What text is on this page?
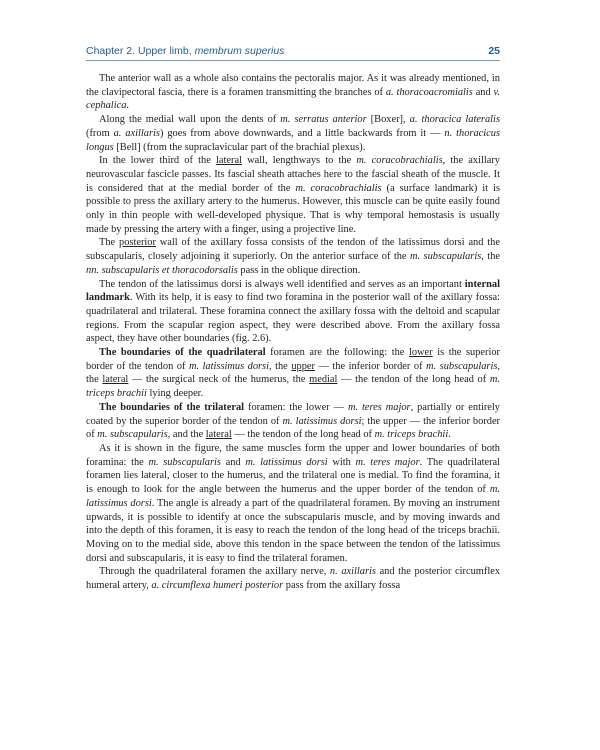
Chapter 2. Upper limb, membrum superius	25

The anterior wall as a whole also contains the pectoralis major. As it was already mentioned, in the clavipectoral fascia, there is a foramen transmitting the branches of a. thoracoacromialis and v. cephalica.

Along the medial wall upon the dents of m. serratus anterior [Boxer], a. thoracica lateralis (from a. axillaris) goes from above downwards, and a little backwards from it — n. thoracicus longus [Bell] (from the supraclavicular part of the brachial plexus).

In the lower third of the lateral wall, lengthways to the m. coracobrachialis, the axillary neurovascular fascicle passes. Its fascial sheath attaches here to the fascial sheath of the muscle. It is considered that at the medial border of the m. coracobrachialis (a surface landmark) it is possible to press the axillary artery to the humerus. However, this muscle can be quite easily found only in thin people with well-developed physique. That is why temporal hemostasis is usually made by pressing the artery with a finger, using a projective line.

The posterior wall of the axillary fossa consists of the tendon of the latissimus dorsi and the subscapularis, closely adjoining it superiorly. On the anterior surface of the m. subscapularis, the nn. subscapularis et thoracodorsalis pass in the oblique direction.

The tendon of the latissimus dorsi is always well identified and serves as an important internal landmark. With its help, it is easy to find two foramina in the posterior wall of the axillary fossa: quadrilateral and trilateral. These foramina connect the axillary fossa with the deltoid and scapular regions. From the scapular region aspect, they were described above. From the axillary fossa aspect, they have other boundaries (fig. 2.6).

The boundaries of the quadrilateral foramen are the following: the lower is the superior border of the tendon of m. latissimus dorsi, the upper — the inferior border of m. subscapularis, the lateral — the surgical neck of the humerus, the medial — the tendon of the long head of m. triceps brachii lying deeper.

The boundaries of the trilateral foramen: the lower — m. teres major, partially or entirely coated by the superior border of the tendon of m. latissimus dorsi; the upper — the inferior border of m. subscapularis, and the lateral — the tendon of the long head of m. triceps brachii.

As it is shown in the figure, the same muscles form the upper and lower boundaries of both foramina: the m. subscapularis and m. latissimus dorsi with m. teres major. The quadrilateral foramen lies lateral, closer to the humerus, and the trilateral one is medial. To find the foramina, it is enough to look for the angle between the humerus and the upper border of the tendon of m. latissimus dorsi. The angle is already a part of the quadrilateral foramen. By moving an instrument upwards, it is possible to identify at once the subscapularis muscle, and by moving inwards and into the depth of this foramen, it is easy to reach the tendon of the long head of the triceps brachii. Moving on to the medial side, above this tendon in the space between the tendon of the latissimus dorsi and subscapularis, it is easy to find the trilateral foramen.

Through the quadrilateral foramen the axillary nerve, n. axillaris and the posterior circumflex humeral artery, a. circumflexa humeri posterior pass from the axillary fossa
